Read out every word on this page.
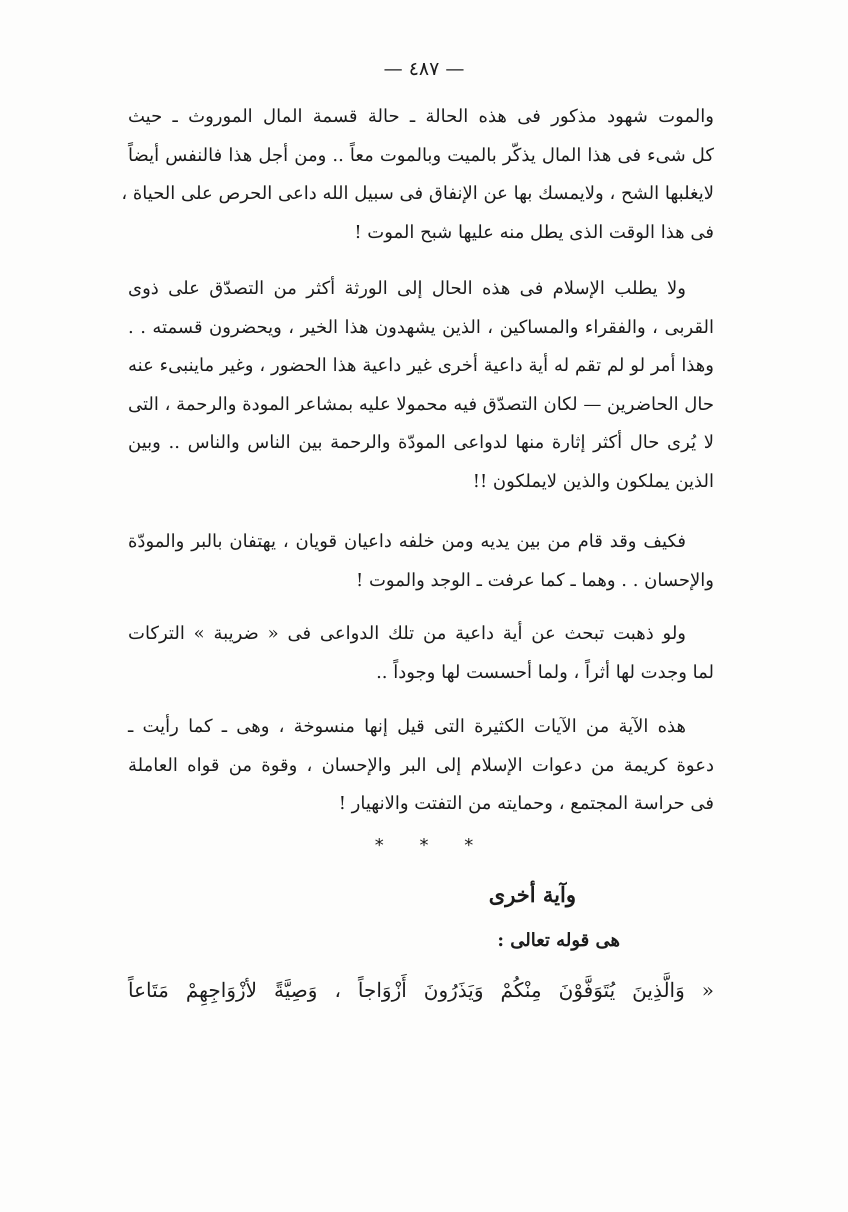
— ٤٨٧ —
والموت شهود مذكور فى هذه الحالة ـ حالة قسمة المال الموروث ـ حيث
كل شىء فى هذا المال يذكّر بالميت وبالموت معاً .. ومن أجل هذا فالنفس أيضاً
لايغلبها الشح ، ولايمسك بها عن الإنفاق فى سبيل الله داعى الحرص على الحياة ،
فى هذا الوقت الذى يطل منه عليها شبح الموت !
ولا يطلب الإسلام فى هذه الحال إلى الورثة أكثر من التصدّق على ذوى
القربى ، والفقراء والمساكين ، الذين يشهدون هذا الخير ، ويحضرون قسمته . .
وهذا أمر لو لم تقم له أية داعية أخرى غير داعية هذا الحضور ، وغير ماينبىء عنه
حال الحاضرين — لكان التصدّق فيه محمولا عليه بمشاعر المودة والرحمة ، التى
لا يُرى حال أكثر إثارة منها لدواعى المودّة والرحمة بين الناس والناس .. وبين
الذين يملكون والذين لايملكون !!
فكيف وقد قام من بين يديه ومن خلفه داعيان قويان ، يهتفان بالبر والمودّة
والإحسان . . وهما ـ كما عرفت ـ الوجد والموت !
ولو ذهبت تبحث عن أية داعية من تلك الدواعى فى « ضريبة » التركات
لما وجدت لها أثراً ، ولما أحسست لها وجوداً ..
هذه الآية من الآيات الكثيرة التى قيل إنها منسوخة ، وهى ـ كما رأيت ـ
دعوة كريمة من دعوات الإسلام إلى البر والإحسان ، وقوة من قواه العاملة
فى حراسة المجتمع ، وحمايته من التفتت والانهيار !
* * *
وآية أخرى
هى قوله تعالى :
« وَالَّذِينَ يُتَوَفَّوْنَ مِنْكُمْ وَيَذَرُونَ أَزْوَاجاً ، وَصِيَّةً لأزْوَاجِهِمْ مَتَاعاً
